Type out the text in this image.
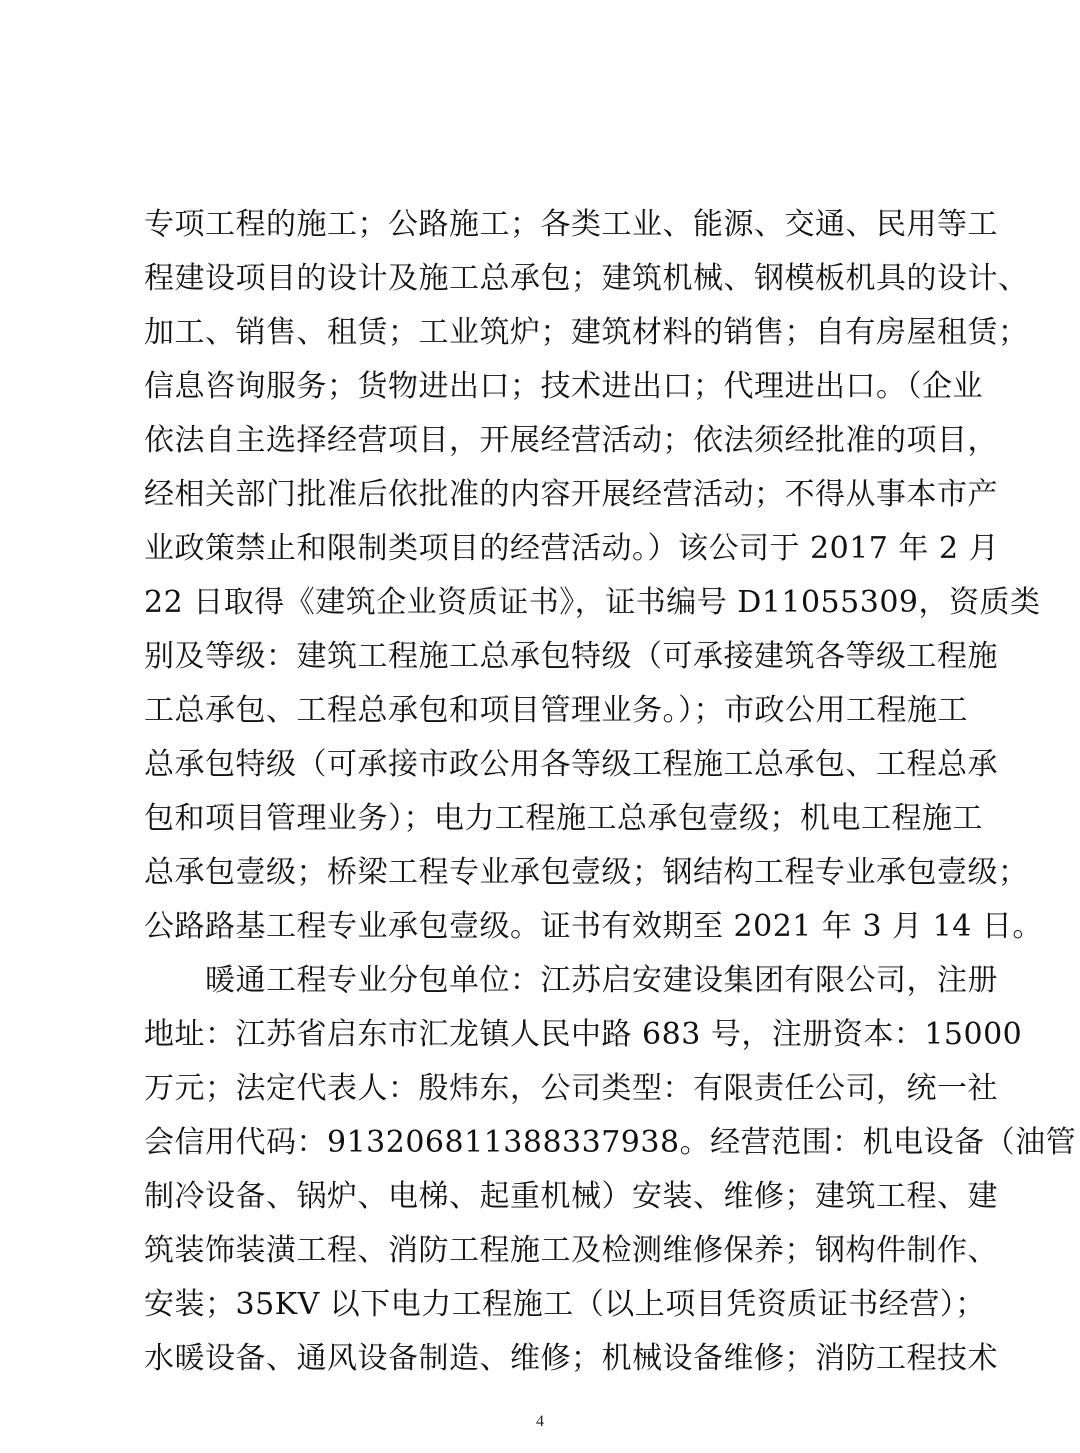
专项工程的施工；公路施工；各类工业、能源、交通、民用等工
程建设项目的设计及施工总承包；建筑机械、钢模板机具的设计、
加工、销售、租赁；工业筑炉；建筑材料的销售；自有房屋租赁；
信息咨询服务；货物进出口；技术进出口；代理进出口。（企业
依法自主选择经营项目，开展经营活动；依法须经批准的项目，
经相关部门批准后依批准的内容开展经营活动；不得从事本市产
业政策禁止和限制类项目的经营活动。）该公司于 2017 年 2 月
22 日取得《建筑企业资质证书》，证书编号 D11055309，资质类
别及等级：建筑工程施工总承包特级（可承接建筑各等级工程施
工总承包、工程总承包和项目管理业务。）；市政公用工程施工
总承包特级（可承接市政公用各等级工程施工总承包、工程总承
包和项目管理业务）；电力工程施工总承包壹级；机电工程施工
总承包壹级；桥梁工程专业承包壹级；钢结构工程专业承包壹级；
公路路基工程专业承包壹级。证书有效期至 2021 年 3 月 14 日。
　　暖通工程专业分包单位：江苏启安建设集团有限公司，注册
地址：江苏省启东市汇龙镇人民中路 683 号，注册资本：15000
万元；法定代表人：殷炜东，公司类型：有限责任公司，统一社
会信用代码：913206811388337938。经营范围：机电设备（油管
制冷设备、锅炉、电梯、起重机械）安装、维修；建筑工程、建
筑装饰装潢工程、消防工程施工及检测维修保养；钢构件制作、
安装；35KV 以下电力工程施工（以上项目凭资质证书经营）；
水暖设备、通风设备制造、维修；机械设备维修；消防工程技术
4
